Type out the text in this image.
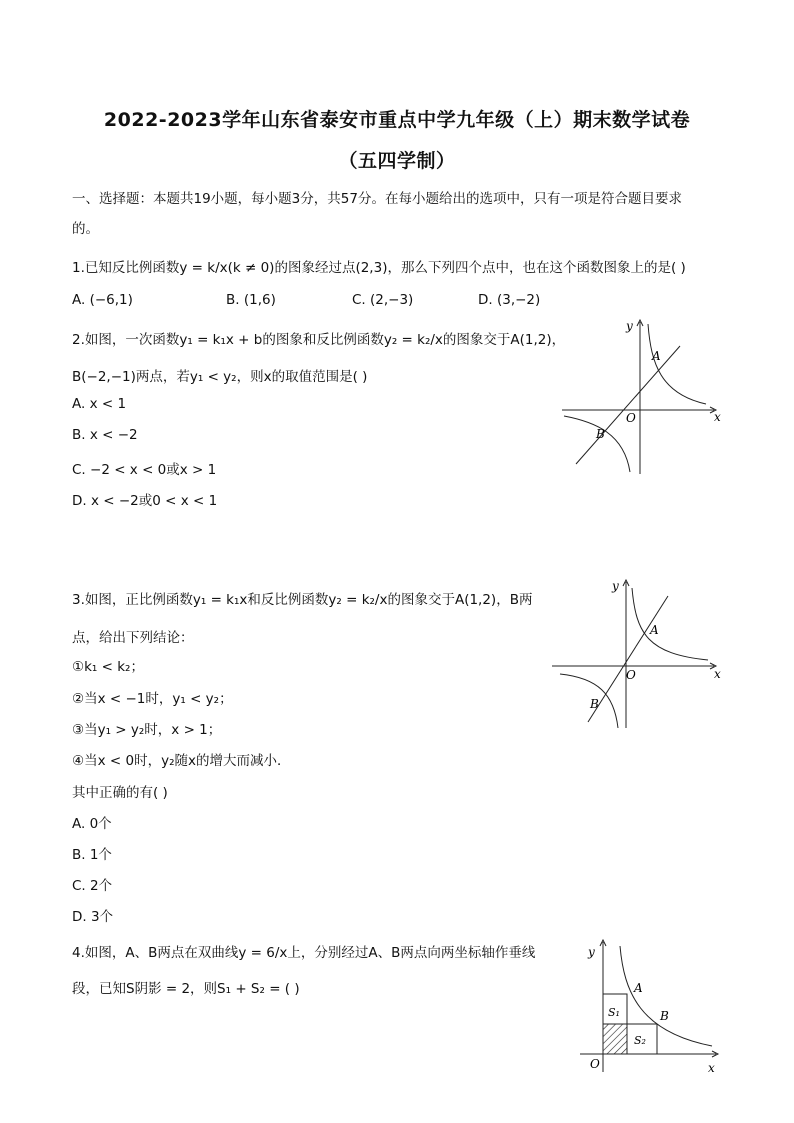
2022-2023学年山东省泰安市重点中学九年级（上）期末数学试卷
（五四学制）
一、选择题：本题共19小题，每小题3分，共57分。在每小题给出的选项中，只有一项是符合题目要求
的。
1.已知反比例函数y = k/x(k ≠ 0)的图象经过点(2,3)，那么下列四个点中，也在这个函数图象上的是( )
A. (−6,1)	B. (1,6)	C. (2,−3)	D. (3,−2)
2.如图，一次函数y₁ = k₁x + b的图象和反比例函数y₂ = k₂/x的图象交于A(1,2)，
B(−2,−1)两点，若y₁ < y₂，则x的取值范围是( )
A. x < 1
B. x < −2
C. −2 < x < 0或x > 1
D. x < −2或0 < x < 1
y
x
O
A
B
3.如图，正比例函数y₁ = k₁x和反比例函数y₂ = k₂/x的图象交于A(1,2)，B两
点，给出下列结论：
①k₁ < k₂；
②当x < −1时，y₁ < y₂；
③当y₁ > y₂时，x > 1；
④当x < 0时，y₂随x的增大而减小．
其中正确的有( )
A. 0个
B. 1个
C. 2个
D. 3个
y
x
O
A
B
4.如图，A、B两点在双曲线y = 6/x上，分别经过A、B两点向两坐标轴作垂线
段，已知S阴影 = 2，则S₁ + S₂ = ( )
y
x
O
A
B
S₁
S₂
